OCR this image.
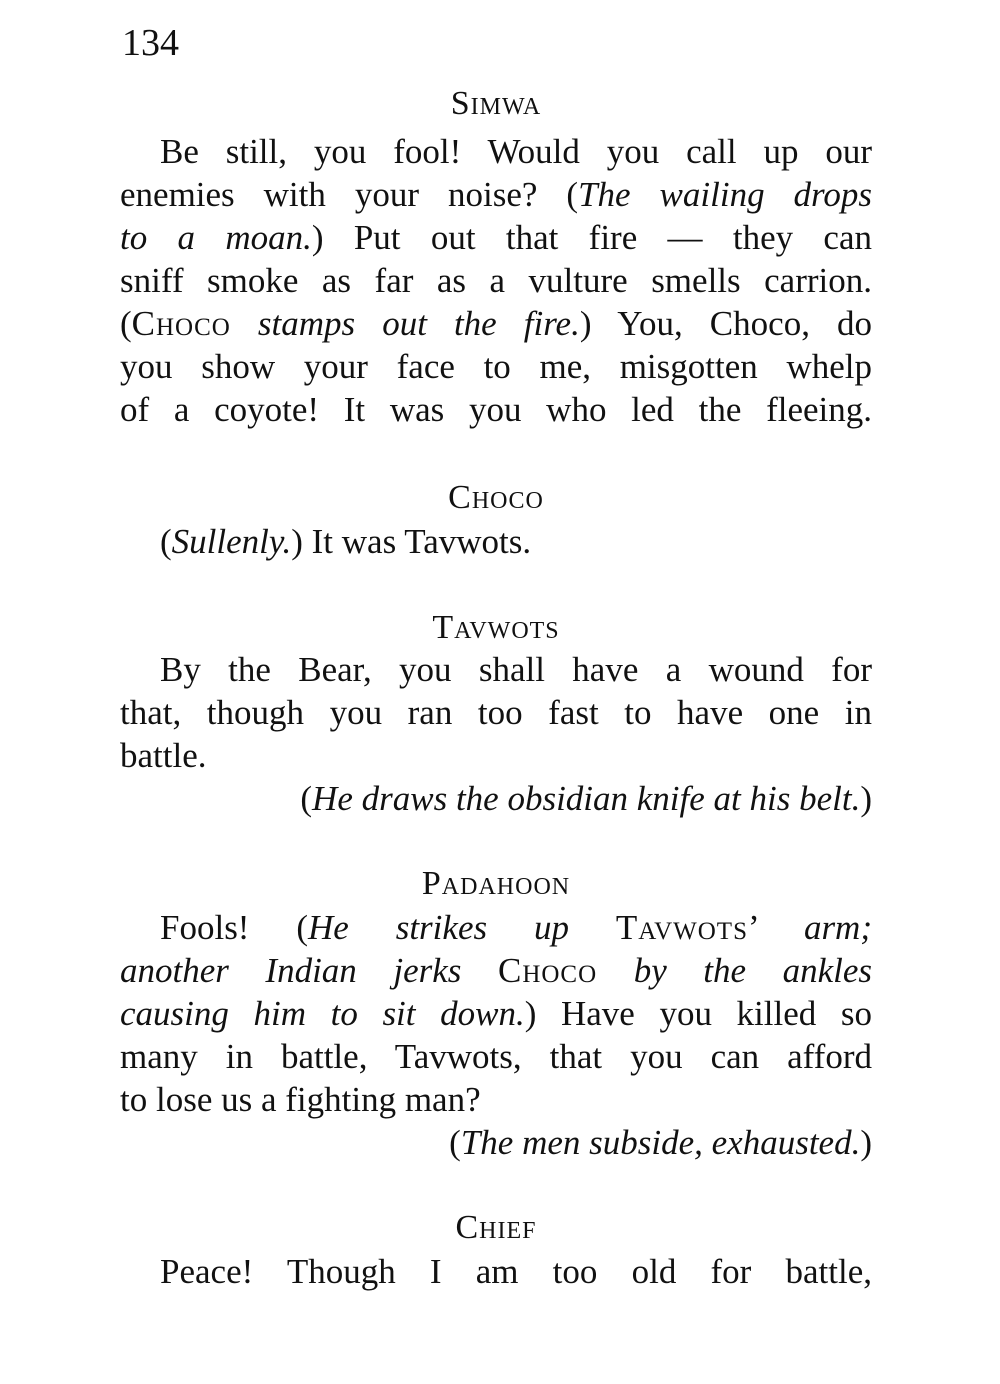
134
Simwa

Be still, you fool! Would you call up our

enemies with your noise? (The wailing drops

to a moan.) Put out that fire — they can

sniff smoke as far as a vulture smells carrion.

(Choco stamps out the fire.) You, Choco, do

you show your face to me, misgotten whelp

of a coyote! It was you who led the fleeing.

Choco

(Sullenly.) It was Tavwots.

Tavwots

By the Bear, you shall have a wound for

that, though you ran too fast to have one in

battle.

(He draws the obsidian knife at his belt.)

Padahoon

Fools! (He strikes up Tavwots’ arm;

another Indian jerks Choco by the ankles

causing him to sit down.) Have you killed so

many in battle, Tavwots, that you can afford

to lose us a fighting man?

(The men subside, exhausted.)

Chief

Peace! Though I am too old for battle,
